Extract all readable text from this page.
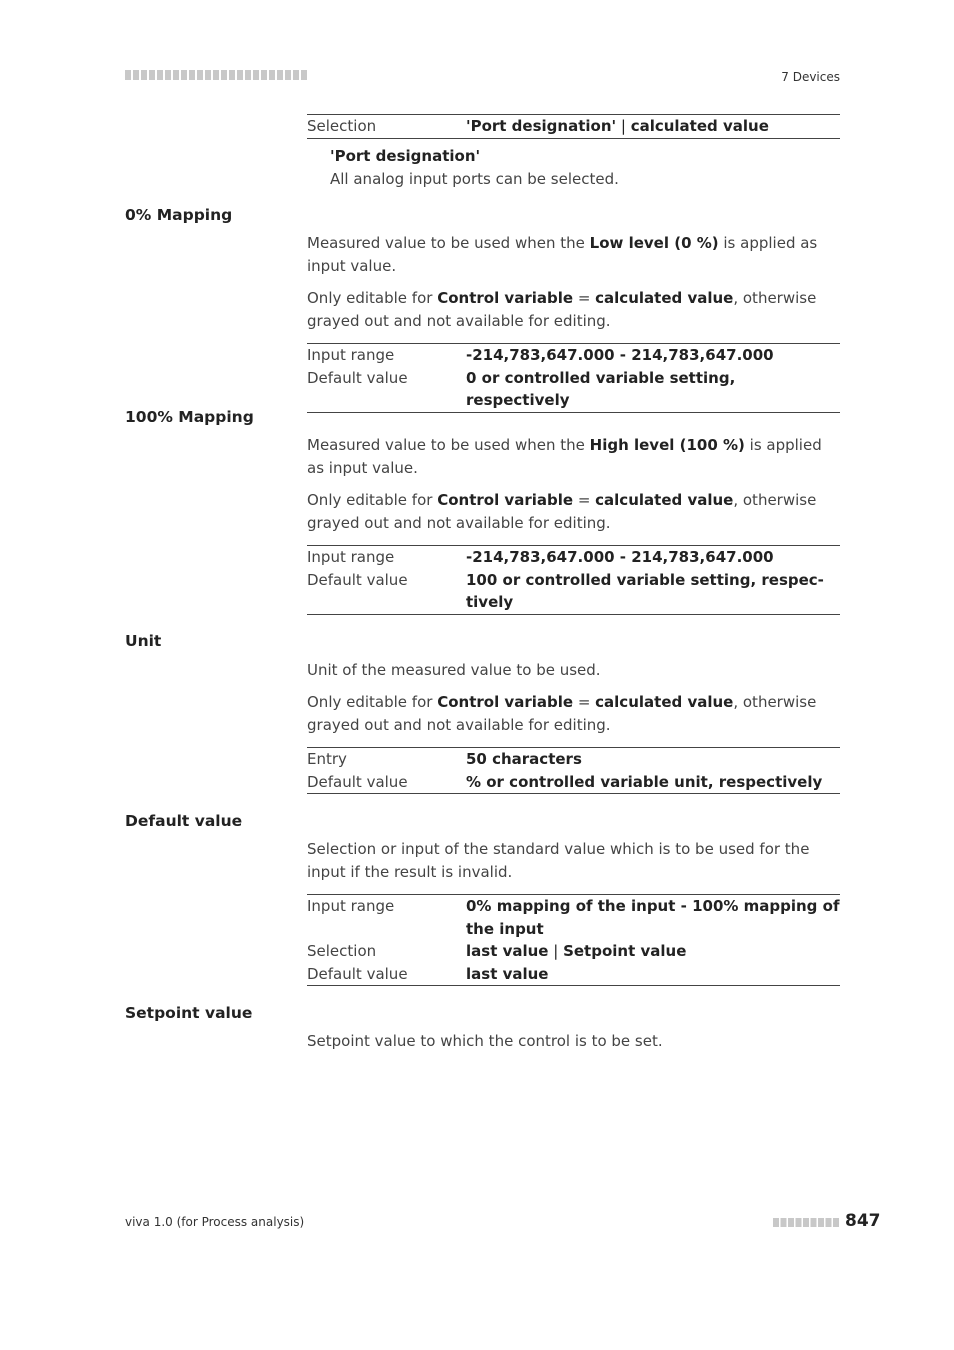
7 Devices
Selection	'Port designation' | calculated value
'Port designation'
All analog input ports can be selected.
0% Mapping
Measured value to be used when the Low level (0 %) is applied as input value.
Only editable for Control variable = calculated value, otherwise grayed out and not available for editing.
Input range	-214,783,647.000 - 214,783,647.000
Default value	0 or controlled variable setting, respectively
100% Mapping
Measured value to be used when the High level (100 %) is applied as input value.
Only editable for Control variable = calculated value, otherwise grayed out and not available for editing.
Input range	-214,783,647.000 - 214,783,647.000
Default value	100 or controlled variable setting, respec-
tively
Unit
Unit of the measured value to be used.
Only editable for Control variable = calculated value, otherwise grayed out and not available for editing.
Entry	50 characters
Default value	% or controlled variable unit, respectively
Default value
Selection or input of the standard value which is to be used for the input if the result is invalid.
Input range	0% mapping of the input - 100% mapping of the input
Selection	last value | Setpoint value
Default value	last value
Setpoint value
Setpoint value to which the control is to be set.
viva 1.0 (for Process analysis)	847
